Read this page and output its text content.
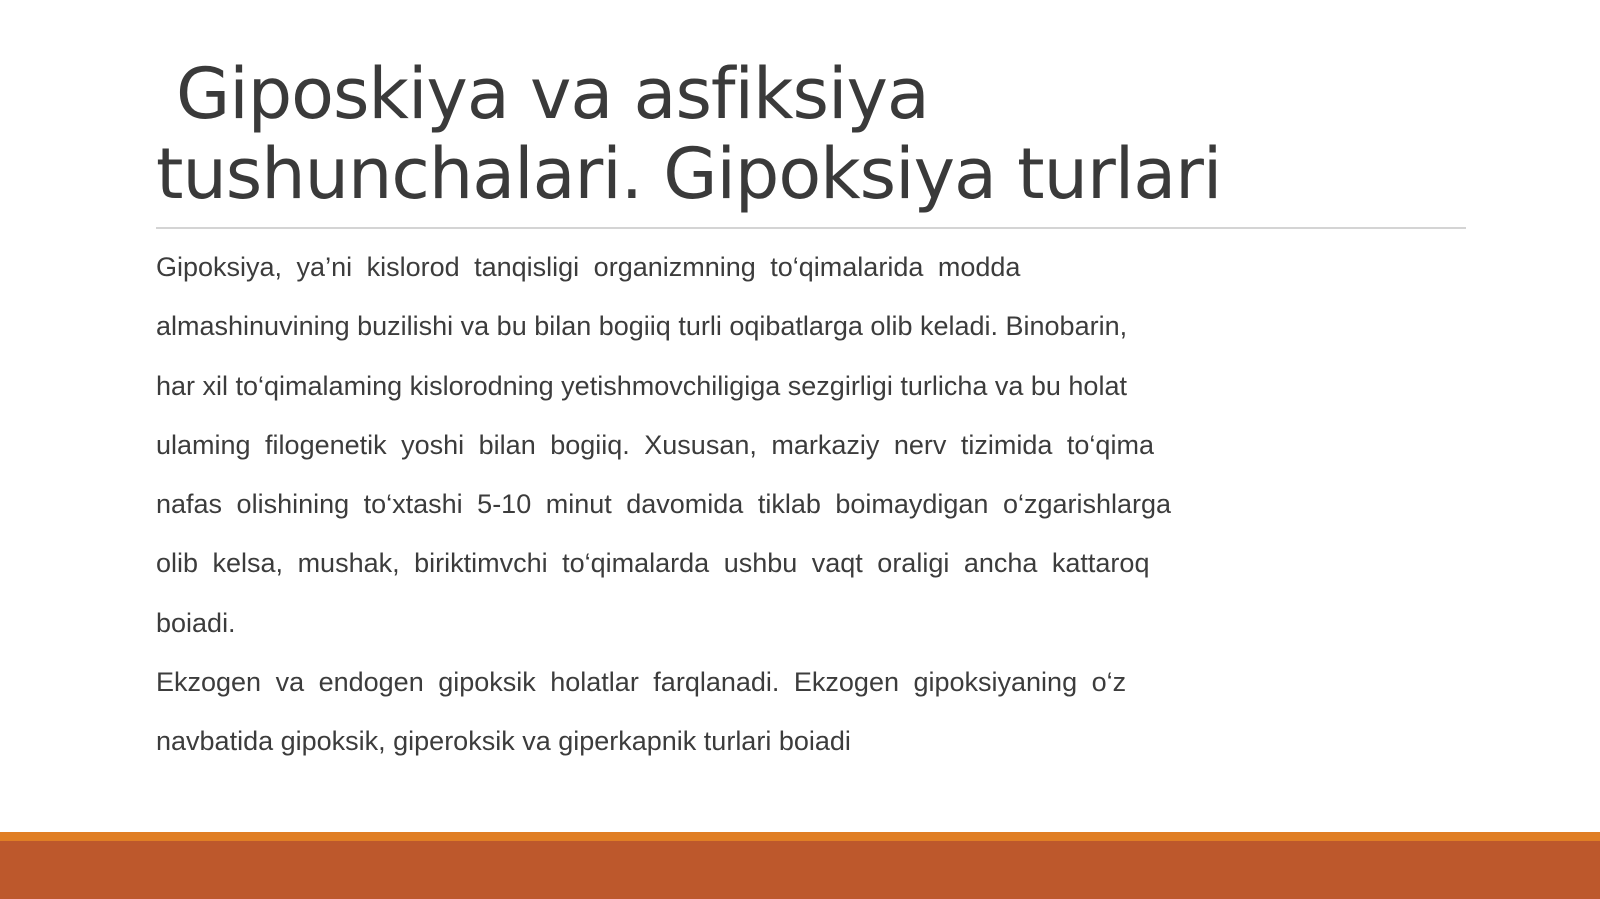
Giposkiya va asfiksiya
tushunchalari. Gipoksiya turlari
Gipoksiya, ya’ni kislorod tanqisligi organizmning to‘qimalarida modda
almashinuvining buzilishi va bu bilan bogiiq turli oqibatlarga olib keladi. Binobarin,
har xil to‘qimalaming kislorodning yetishmovchiligiga sezgirligi turlicha va bu holat
ulaming filogenetik yoshi bilan bogiiq. Xususan, markaziy nerv tizimida to‘qima
nafas olishining to‘xtashi 5-10 minut davomida tiklab boimaydigan o‘zgarishlarga
olib kelsa, mushak, biriktimvchi to‘qimalarda ushbu vaqt oraligi ancha kattaroq
boiadi.
Ekzogen va endogen gipoksik holatlar farqlanadi. Ekzogen gipoksiyaning o‘z
navbatida gipoksik, giperoksik va giperkapnik turlari boiadi
